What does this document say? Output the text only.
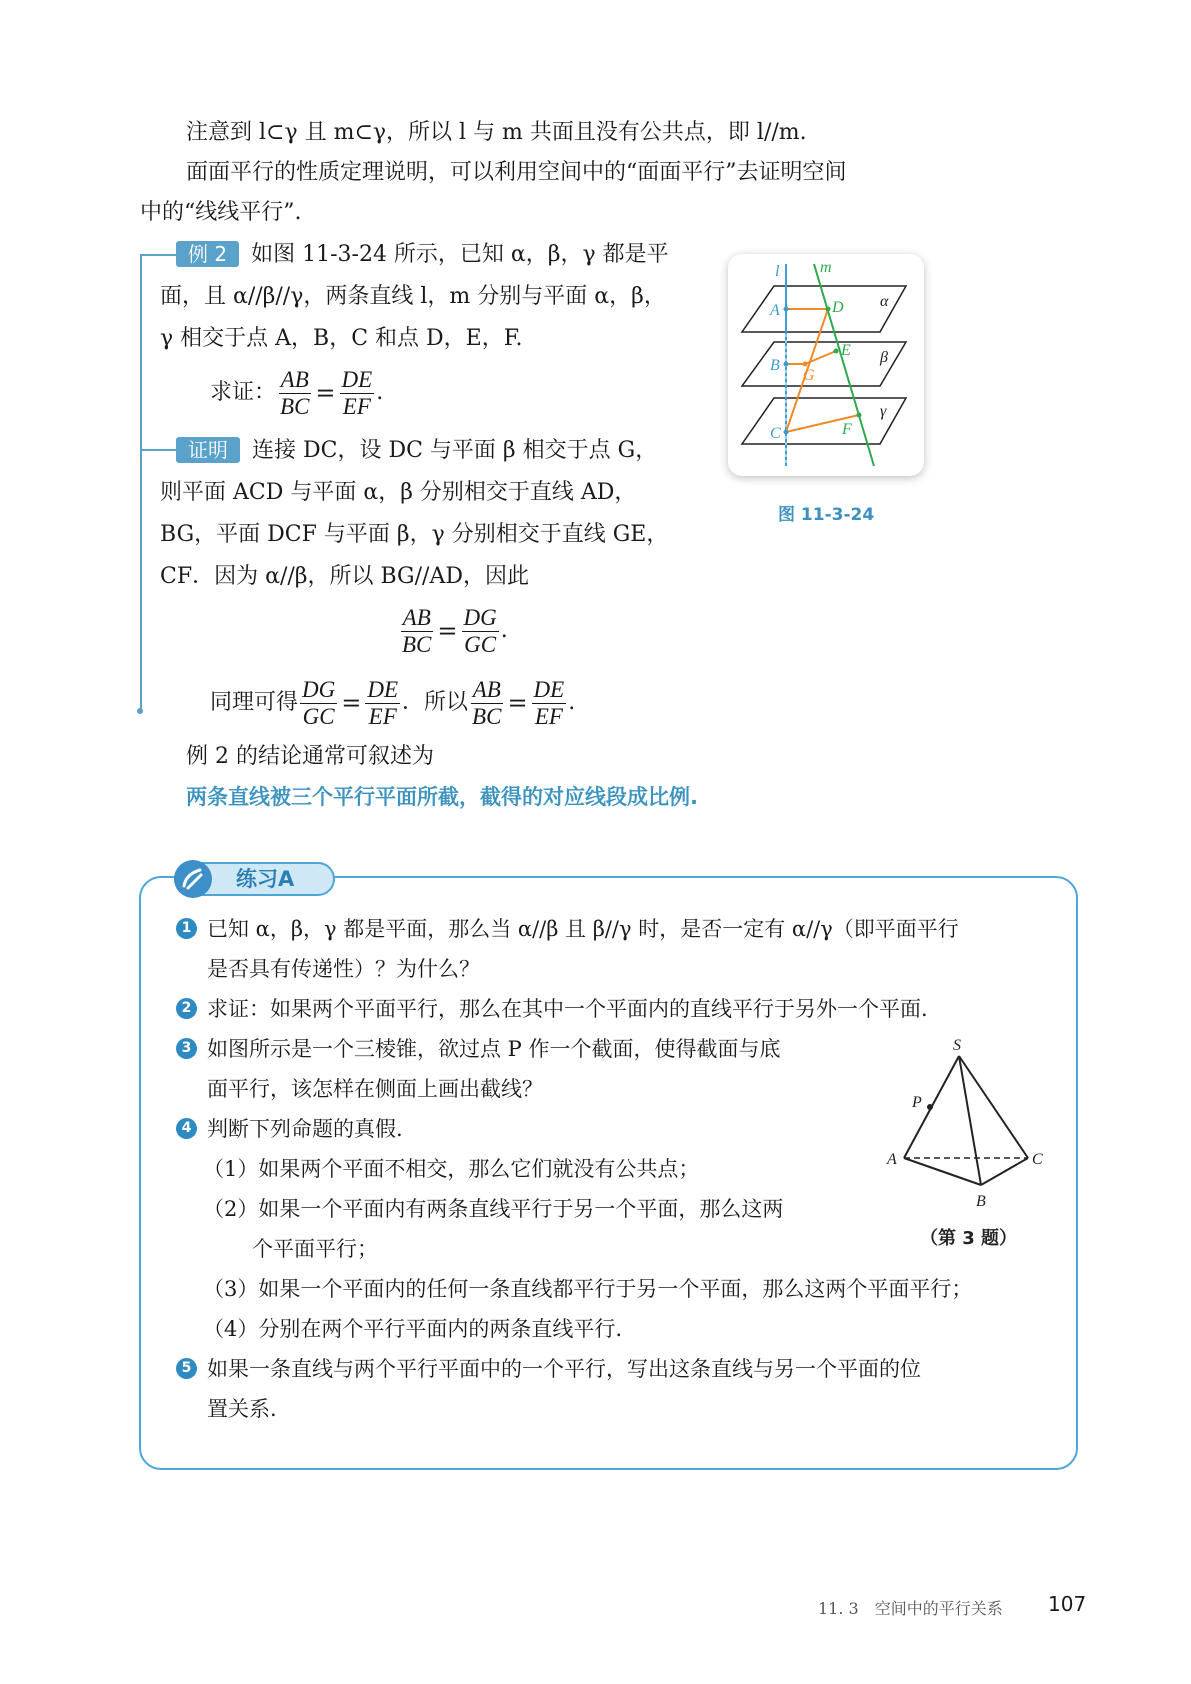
注意到 l⊂γ 且 m⊂γ，所以 l 与 m 共面且没有公共点，即 l//m.
面面平行的性质定理说明，可以利用空间中的“面面平行”去证明空间
中的“线线平行”.
例 2 如图 11-3-24 所示，已知 α，β，γ 都是平
面，且 α//β//γ，两条直线 l，m 分别与平面 α，β，
γ 相交于点 A，B，C 和点 D，E，F.
求证： $\frac{AB}{BC} = \frac{DE}{EF}$ .
证明 连接 DC，设 DC 与平面 β 相交于点 G，
则平面 ACD 与平面 α，β 分别相交于直线 AD，
BG，平面 DCF 与平面 β，γ 分别相交于直线 GE，
CF．因为 α//β，所以 BG//AD，因此
$\frac{AB}{BC} = \frac{DG}{GC}$ .
同理可得 $\frac{DG}{GC} = \frac{DE}{EF}$ ．所以 $\frac{AB}{BC} = \frac{DE}{EF}$ .
例 2 的结论通常可叙述为
两条直线被三个平行平面所截，截得的对应线段成比例.
l	m
α
β
γ
A
B
C
D
E
F
G
图 11-3-24
练习A
1 已知 α，β，γ 都是平面，那么当 α//β 且 β//γ 时，是否一定有 α//γ（即平面平行
是否具有传递性）？为什么？
2 求证：如果两个平面平行，那么在其中一个平面内的直线平行于另外一个平面.
3 如图所示是一个三棱锥，欲过点 P 作一个截面，使得截面与底
面平行，该怎样在侧面上画出截线？
4 判断下列命题的真假.
（1）如果两个平面不相交，那么它们就没有公共点；
（2）如果一个平面内有两条直线平行于另一个平面，那么这两
个平面平行；
（3）如果一个平面内的任何一条直线都平行于另一个平面，那么这两个平面平行；
（4）分别在两个平行平面内的两条直线平行.
5 如果一条直线与两个平行平面中的一个平行，写出这条直线与另一个平面的位
置关系.
S
P
A	C
B
（第 3 题）
11. 3　空间中的平行关系 107
